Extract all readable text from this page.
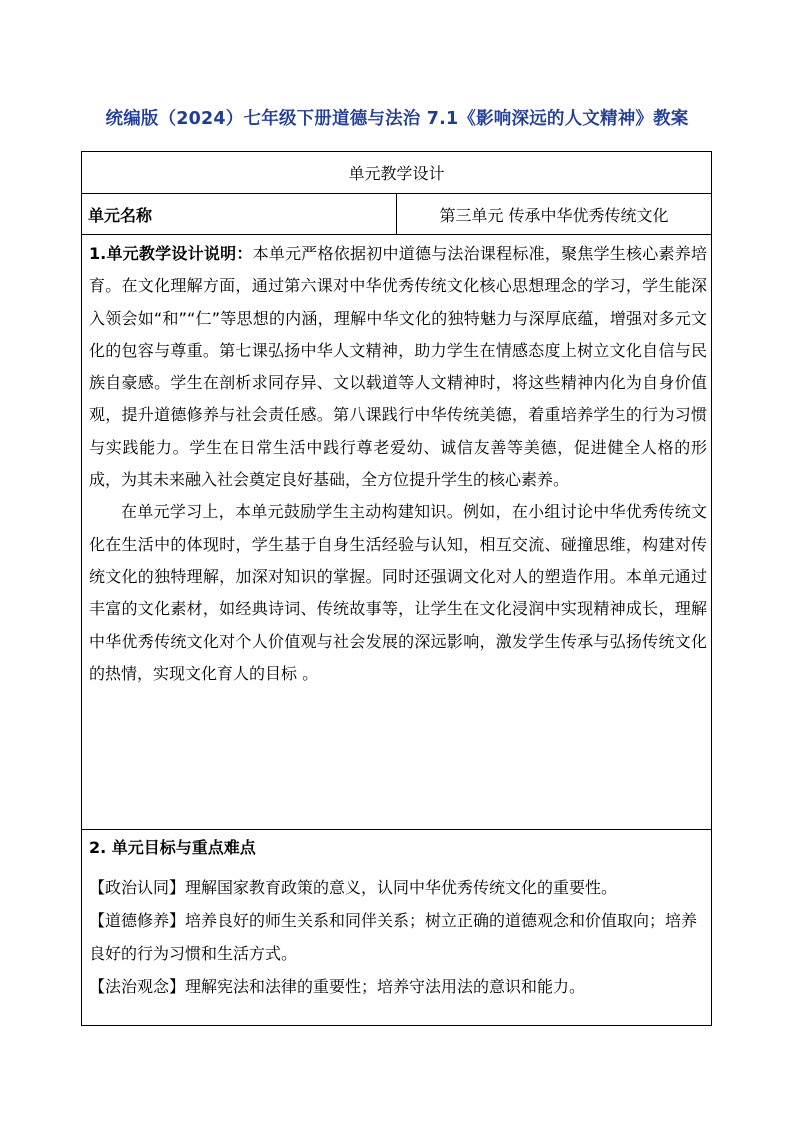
统编版（2024）七年级下册道德与法治 7.1《影响深远的人文精神》教案
单元教学设计
单元名称	第三单元 传承中华优秀传统文化

1.单元教学设计说明：本单元严格依据初中道德与法治课程标准，聚焦学生核心素养培育。在文化理解方面，通过第六课对中华优秀传统文化核心思想理念的学习，学生能深入领会如“和”“仁”等思想的内涵，理解中华文化的独特魅力与深厚底蕴，增强对多元文化的包容与尊重。第七课弘扬中华人文精神，助力学生在情感态度上树立文化自信与民族自豪感。学生在剖析求同存异、文以载道等人文精神时，将这些精神内化为自身价值观，提升道德修养与社会责任感。第八课践行中华传统美德，着重培养学生的行为习惯与实践能力。学生在日常生活中践行尊老爱幼、诚信友善等美德，促进健全人格的形成，为其未来融入社会奠定良好基础，全方位提升学生的核心素养。

在单元学习上，本单元鼓励学生主动构建知识。例如，在小组讨论中华优秀传统文化在生活中的体现时，学生基于自身生活经验与认知，相互交流、碰撞思维，构建对传统文化的独特理解，加深对知识的掌握。同时还强调文化对人的塑造作用。本单元通过丰富的文化素材，如经典诗词、传统故事等，让学生在文化浸润中实现精神成长，理解中华优秀传统文化对个人价值观与社会发展的深远影响，激发学生传承与弘扬传统文化的热情，实现文化育人的目标 。

2. 单元目标与重点难点

【政治认同】理解国家教育政策的意义，认同中华优秀传统文化的重要性。

【道德修养】培养良好的师生关系和同伴关系；树立正确的道德观念和价值取向；培养良好的行为习惯和生活方式。

【法治观念】理解宪法和法律的重要性；培养守法用法的意识和能力。
